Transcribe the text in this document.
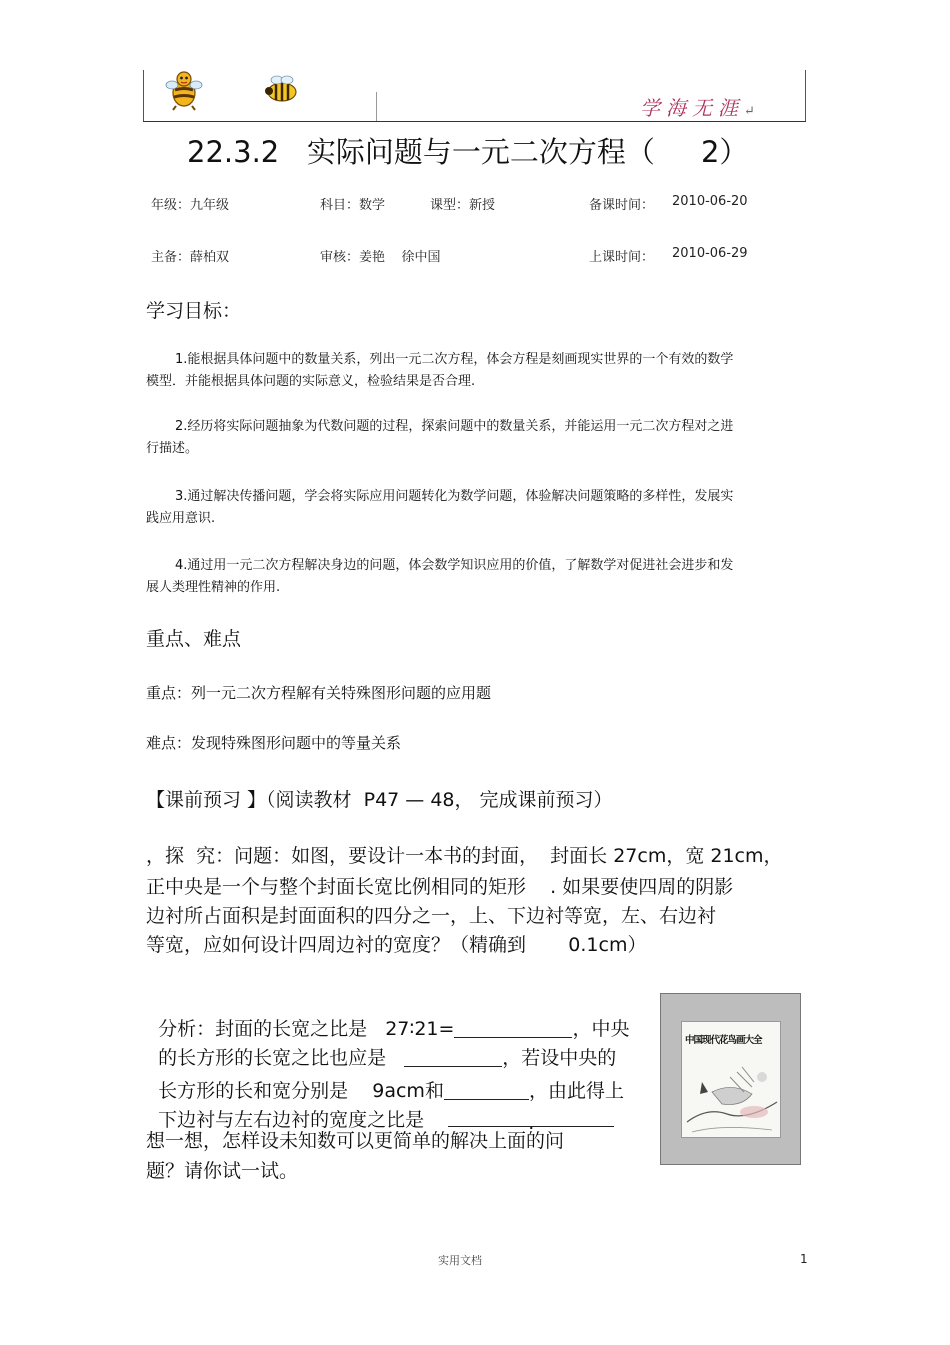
学海无涯↵
22.3.2   实际问题与一元二次方程（     2）
年级：九年级	科目：数学	课型：新授	备课时间： 2010-06-20
主备：薛柏双	审核：姜艳    徐中国	上课时间： 2010-06-29
学习目标：
1.能根据具体问题中的数量关系，列出一元二次方程，体会方程是刻画现实世界的一个有效的数学模型．并能根据具体问题的实际意义，检验结果是否合理.
2.经历将实际问题抽象为代数问题的过程，探索问题中的数量关系，并能运用一元二次方程对之进行描述。
3.通过解决传播问题，学会将实际应用问题转化为数学问题，体验解决问题策略的多样性，发展实践应用意识.
4.通过用一元二次方程解决身边的问题，体会数学知识应用的价值，了解数学对促进社会进步和发展人类理性精神的作用.
重点、难点
重点：列一元二次方程解有关特殊图形问题的应用题
难点：发现特殊图形问题中的等量关系
【课前预习 】（阅读教材  P47 — 48， 完成课前预习）
，探  究：问题：如图，要设计一本书的封面，  封面长 27cm，宽 21cm，
正中央是一个与整个封面长宽比例相同的矩形    . 如果要使四周的阴影
边衬所占面积是封面面积的四分之一，上、下边衬等宽，左、右边衬
等宽，应如何设计四周边衬的宽度？（精确到       0.1cm）

分析：封面的长宽之比是   27∶21=	，中央

的长方形的长宽之比也应是	，若设中央的

长方形的长和宽分别是    9acm和	，由此得上

下边衬与左右边衬的宽度之比是	.

想一想，怎样设未知数可以更简单的解决上面的问
题？请你试一试。
中国现代花鸟画大全
实用文档	1
